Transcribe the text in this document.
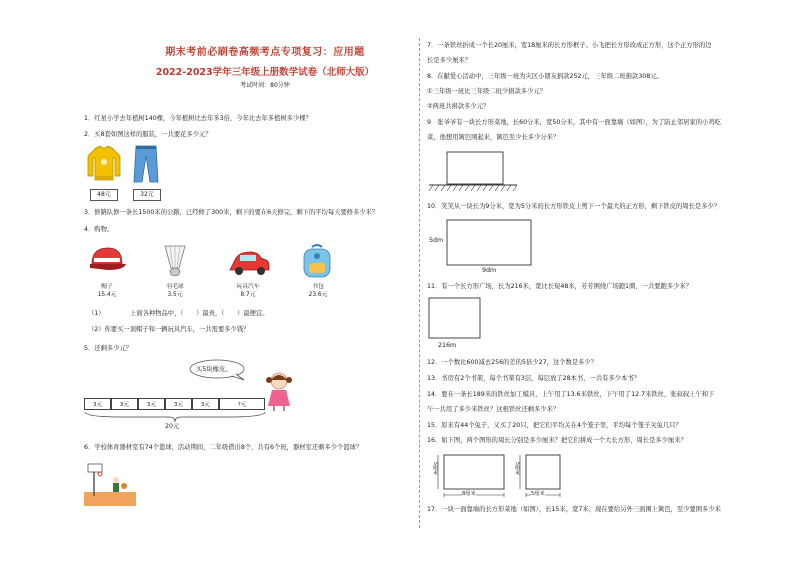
期末考前必刷卷高频考点专项复习：应用题
2022-2023学年三年级上册数学试卷（北师大版）
考试时间：80分钟
1．红星小学去年植树140棵，今年植树比去年多3倍，今年比去年多植树多少棵？
2．买8套如图这样的服装，一共要花多少元？
48元	32元
3．修路队修一条长1500米的公路，已经修了300米，剩下的要在6天修完，剩下的平均每天要修多少米？
4．购物。
帽子
15.4元
羽毛球
3.5元
玩具汽车
8.7元
书包
23.6元
（1）	上面各种物品中，（　　）最贵，（　　）最便宜。
（2）你要买一顶帽子和一辆玩具汽车，一共需要多少钱？
5．还剩多少元？
买5块橡皮。
3元	3元	3元	3元	3元	?元
20元
6．学校体育器材室有74个篮球，活动期间，二年级借出8个，共有6个班，器材室还剩多少个篮球？
7．一条铁丝折成一个长20厘米，宽18厘米的长方形框子。小飞把长方形改成正方形，这个正方形的边
长是多少厘米？
8．在献爱心活动中，三年级一班为灾区小朋友捐款252元，三年级二班捐款308元。
①三年级一班比三年级二班少捐款多少元？
②两班共捐款多少元？
9．张爷爷有一块长方形菜地，长60分米，宽50分米，其中有一面靠墙（如图），为了防止邻居家的小鸡吃
菜，他想用篱笆围起来，篱笆至少长多少分米？
10．笑笑从一块长为9分米，宽为5分米的长方形铁皮上剪下一个最大的正方形，剩下铁皮的周长是多少？
5dm
9dm
11．有一个长方形广场，长为216米，宽比长短48米，芳芳围绕广场跑1圈，一共要跑多少米？
216m
12．一个数比600减去256的差的5倍少27，这个数是多少？
13．书房有2个书架，每个书架有3层，每层放了28本书，一共有多少本书？
14．要在一条长189米的铁丝加工模具，上午用了13.6米铁丝，下午用了12.7米铁丝，张叔叔上午和下
午一共用了多少米铁丝？这根铁丝还剩多少米？
15．原来有44个兔子，又买了20只，把它们平均关在4个笼子里，平均每个笼子关兔几只？
16．如下图，两个图形的周长分别是多少厘米？把它们拼成一个大长方形，周长是多少厘米？
5厘米
8厘米
5厘米
5厘米
17．一块一面靠墙的长方形菜地（如图），长15米，宽7米，现在要给另外三面围上篱笆，至少要围多少米
